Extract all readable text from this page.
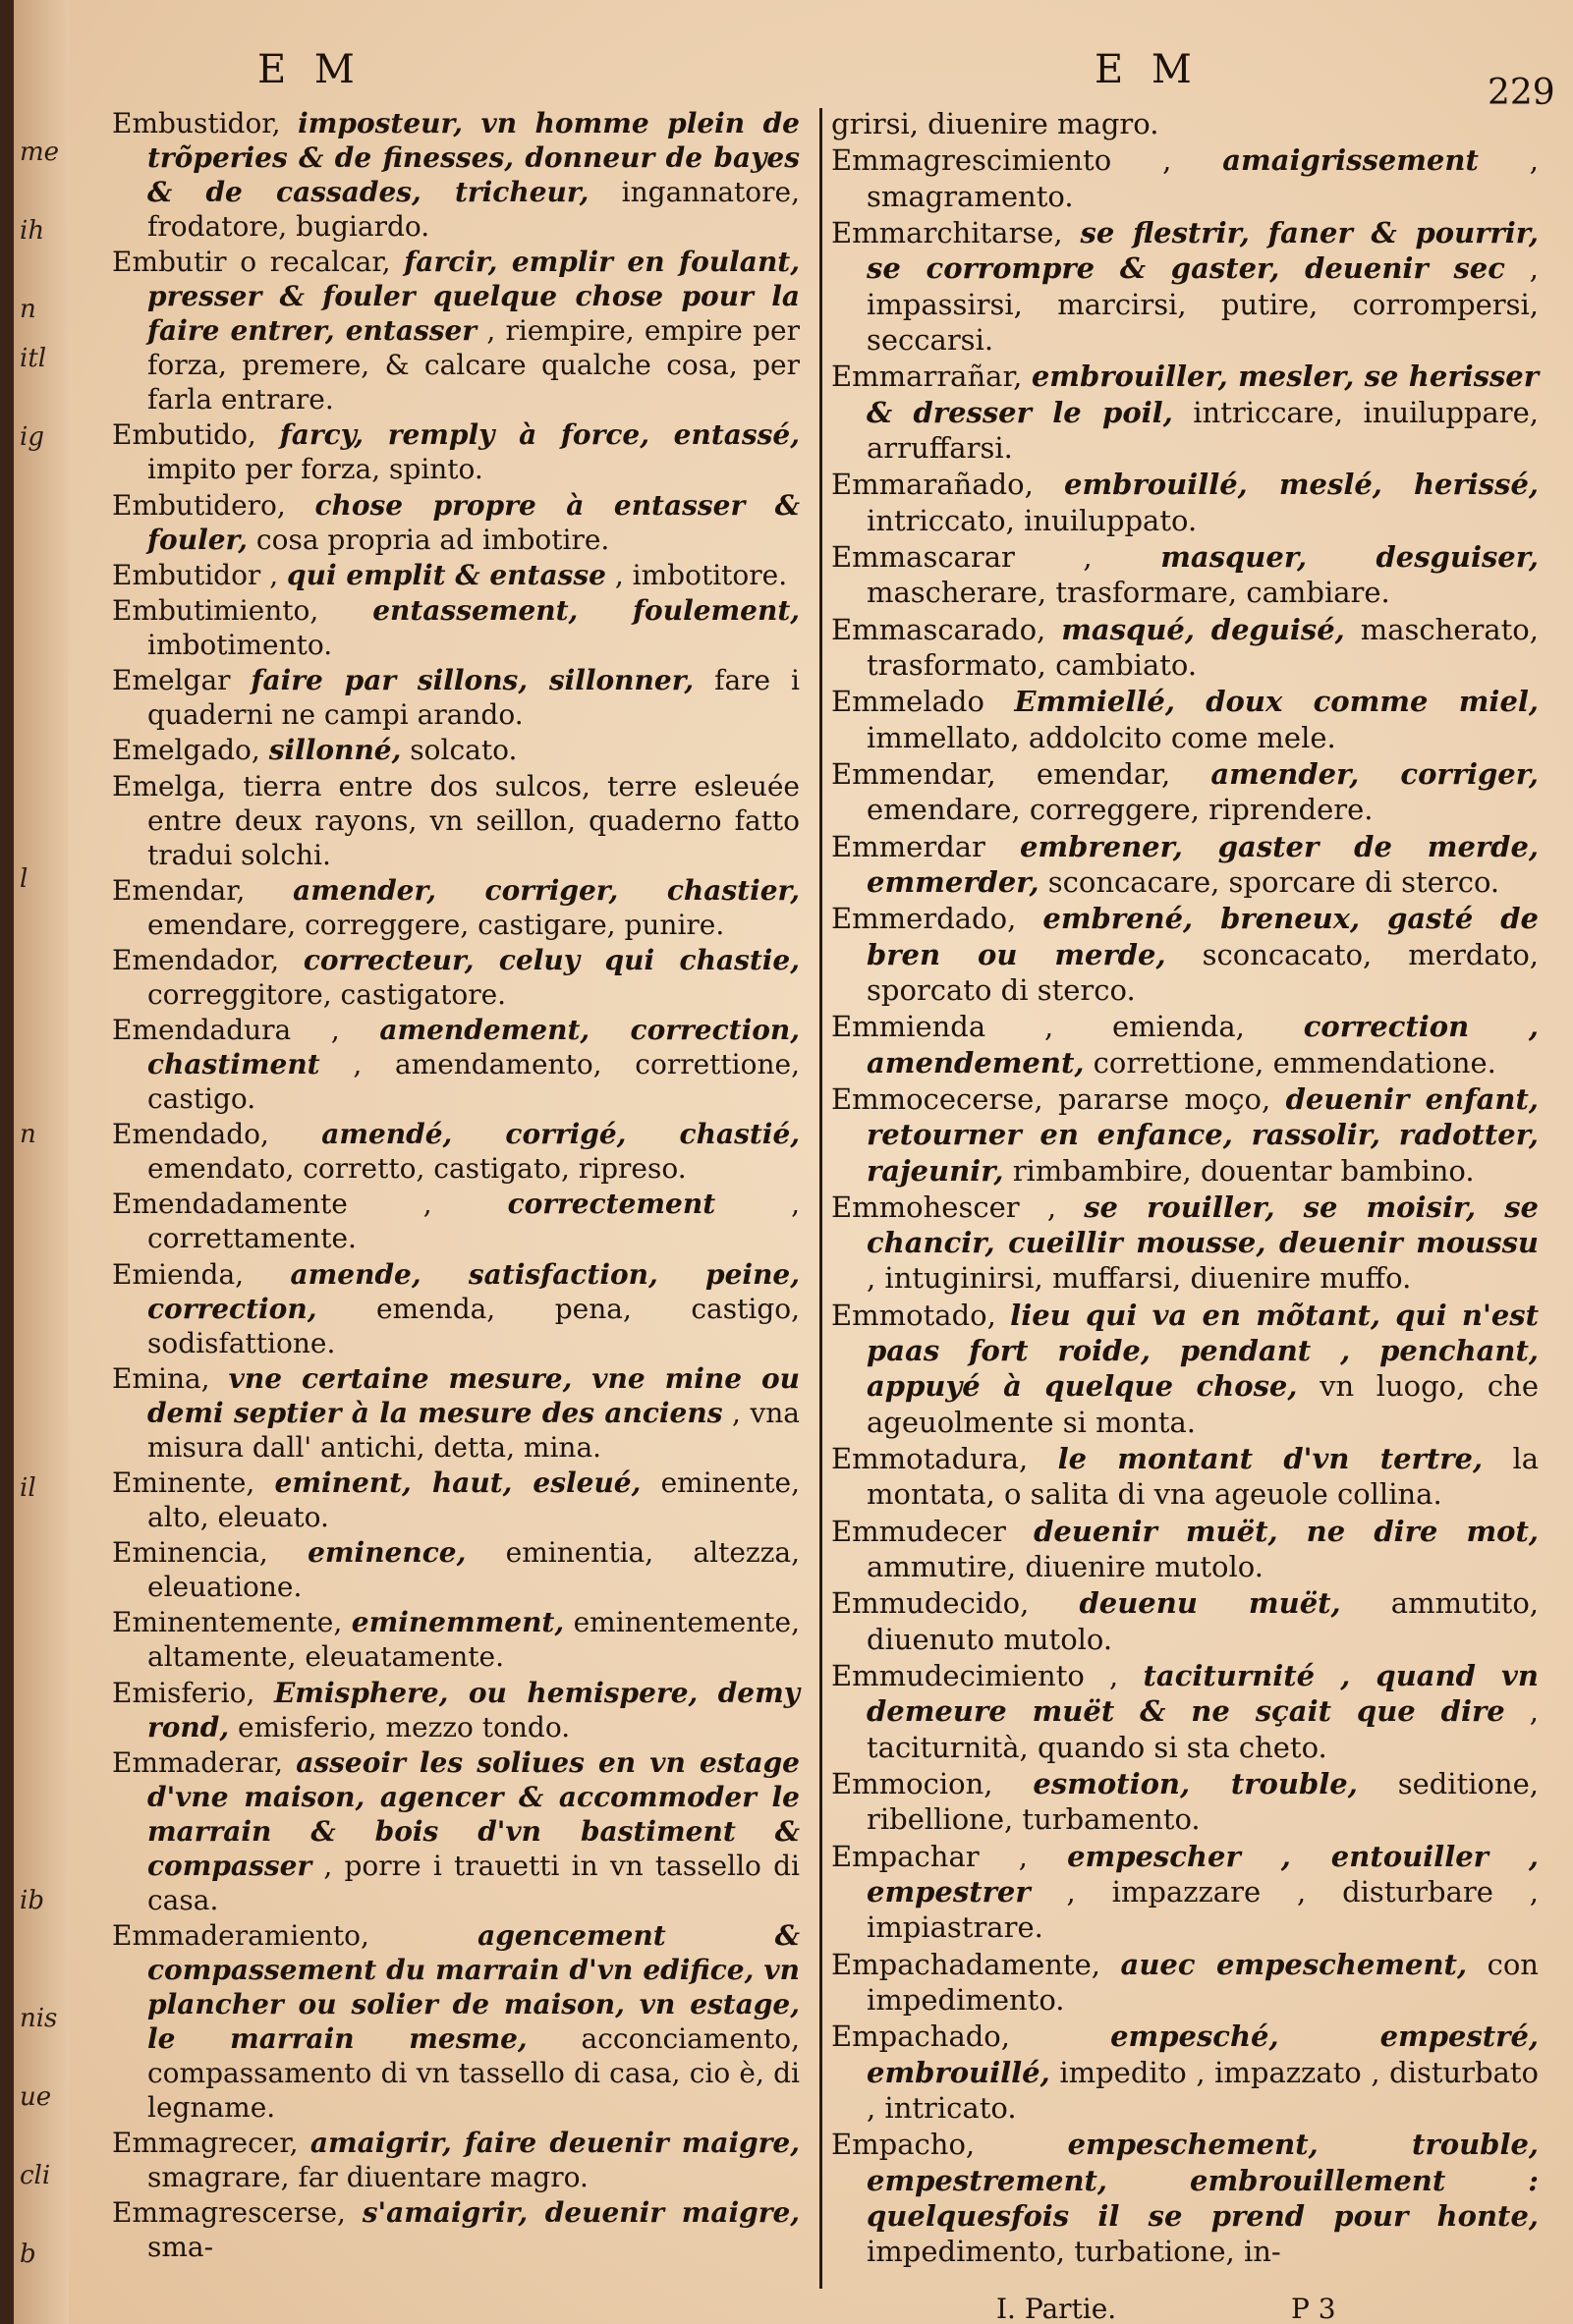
me
ih
n
itl
ig
l
n
il
ib
nis
ue
cli
b
E M	E M
229
Embustidor, imposteur, vn homme plein de trõperies & de finesses, donneur de bayes & de cassades, tricheur, ingannatore, frodatore, bugiardo.
Embutir o recalcar, farcir, emplir en foulant, presser & fouler quelque chose pour la faire entrer, entasser , riempire, empire per forza, premere, & calcare qualche cosa, per farla entrare.
Embutido, farcy, remply à force, entassé, impito per forza, spinto.
Embutidero, chose propre à entasser & fouler, cosa propria ad imbotire.
Embutidor , qui emplit & entasse , imbotitore.
Embutimiento, entassement, foulement, imbotimento.
Emelgar faire par sillons, sillonner, fare i quaderni ne campi arando.
Emelgado, sillonné, solcato.
Emelga, tierra entre dos sulcos, terre esleuée entre deux rayons, vn seillon, quaderno fatto tradui solchi.
Emendar, amender, corriger, chastier, emendare, correggere, castigare, punire.
Emendador, correcteur, celuy qui chastie, correggitore, castigatore.
Emendadura , amendement, correction, chastiment , amendamento, correttione, castigo.
Emendado, amendé, corrigé, chastié, emendato, corretto, castigato, ripreso.
Emendadamente ,	correctement	, correttamente.
Emienda, amende, satisfaction, peine, correction, emenda, pena, castigo, sodisfattione.
Emina, vne certaine mesure, vne mine ou demi septier à la mesure des anciens , vna misura dall' antichi, detta, mina.
Eminente, eminent, haut, esleué, eminente, alto, eleuato.
Eminencia, eminence, eminentia, altezza, eleuatione.
Eminentemente, eminemment, eminentemente, altamente, eleuatamente.
Emisferio, Emisphere, ou hemispere, demy rond, emisferio, mezzo tondo.
Emmaderar, asseoir les soliues en vn estage d'vne maison, agencer & accommoder le marrain & bois d'vn bastiment & compasser , porre i trauetti in vn tassello di casa.
Emmaderamiento,	agencement & compassement du marrain d'vn edifice, vn plancher ou solier de maison, vn estage, le marrain mesme, acconciamento, compassamento di vn tassello di casa, cio è, di legname.
Emmagrecer, amaigrir, faire deuenir maigre, smagrare, far diuentare magro.
Emmagrescerse, s'amaigrir, deuenir maigre, sma-
grirsi, diuenire magro.
Emmagrescimiento , amaigrissement , smagramento.
Emmarchitarse, se flestrir, faner & pourrir, se corrompre & gaster, deuenir sec , impassirsi, marcirsi, putire, corrompersi, seccarsi.
Emmarrañar, embrouiller, mesler, se herisser & dresser le poil, intriccare, inuiluppare, arruffarsi.
Emmarañado, embrouillé, meslé, herissé, intriccato, inuiluppato.
Emmascarar , masquer, desguiser, mascherare, trasformare, cambiare.
Emmascarado, masqué, deguisé, mascherato, trasformato, cambiato.
Emmelado Emmiellé, doux comme miel, immellato, addolcito come mele.
Emmendar, emendar, amender, corriger, emendare, correggere, riprendere.
Emmerdar embrener, gaster de merde, emmerder, sconcacare, sporcare di sterco.
Emmerdado, embrené, breneux, gasté de bren ou merde, sconcacato, merdato, sporcato di sterco.
Emmienda , emienda, correction , amendement, correttione, emmendatione.
Emmocecerse, pararse moço, deuenir enfant, retourner en enfance, rassolir, radotter, rajeunir, rimbambire, douentar bambino.
Emmohescer , se rouiller, se moisir, se chancir, cueillir mousse, deuenir moussu , intuginirsi, muffarsi, diuenire muffo.
Emmotado, lieu qui va en mõtant, qui n'est paas fort roide, pendant , penchant, appuyé à quelque chose, vn luogo, che ageuolmente si monta.
Emmotadura, le montant d'vn tertre, la montata, o salita di vna ageuole collina.
Emmudecer deuenir muët, ne dire mot, ammutire, diuenire mutolo.
Emmudecido, deuenu muët, ammutito, diuenuto mutolo.
Emmudecimiento , taciturnité , quand vn demeure muët & ne sçait que dire , taciturnità, quando si sta cheto.
Emmocion, esmotion, trouble, seditione, ribellione, turbamento.
Empachar , empescher , entouiller , empestrer , impazzare , disturbare , impiastrare.
Empachadamente, auec empeschement, con impedimento.
Empachado,	empesché, empestré, embrouillé, impedito , impazzato , disturbato , intricato.
Empacho,	empeschement, trouble, empestrement, embrouillement : quelquesfois il se prend pour honte, impedimento, turbatione, in-
I. Partie.	P 3
